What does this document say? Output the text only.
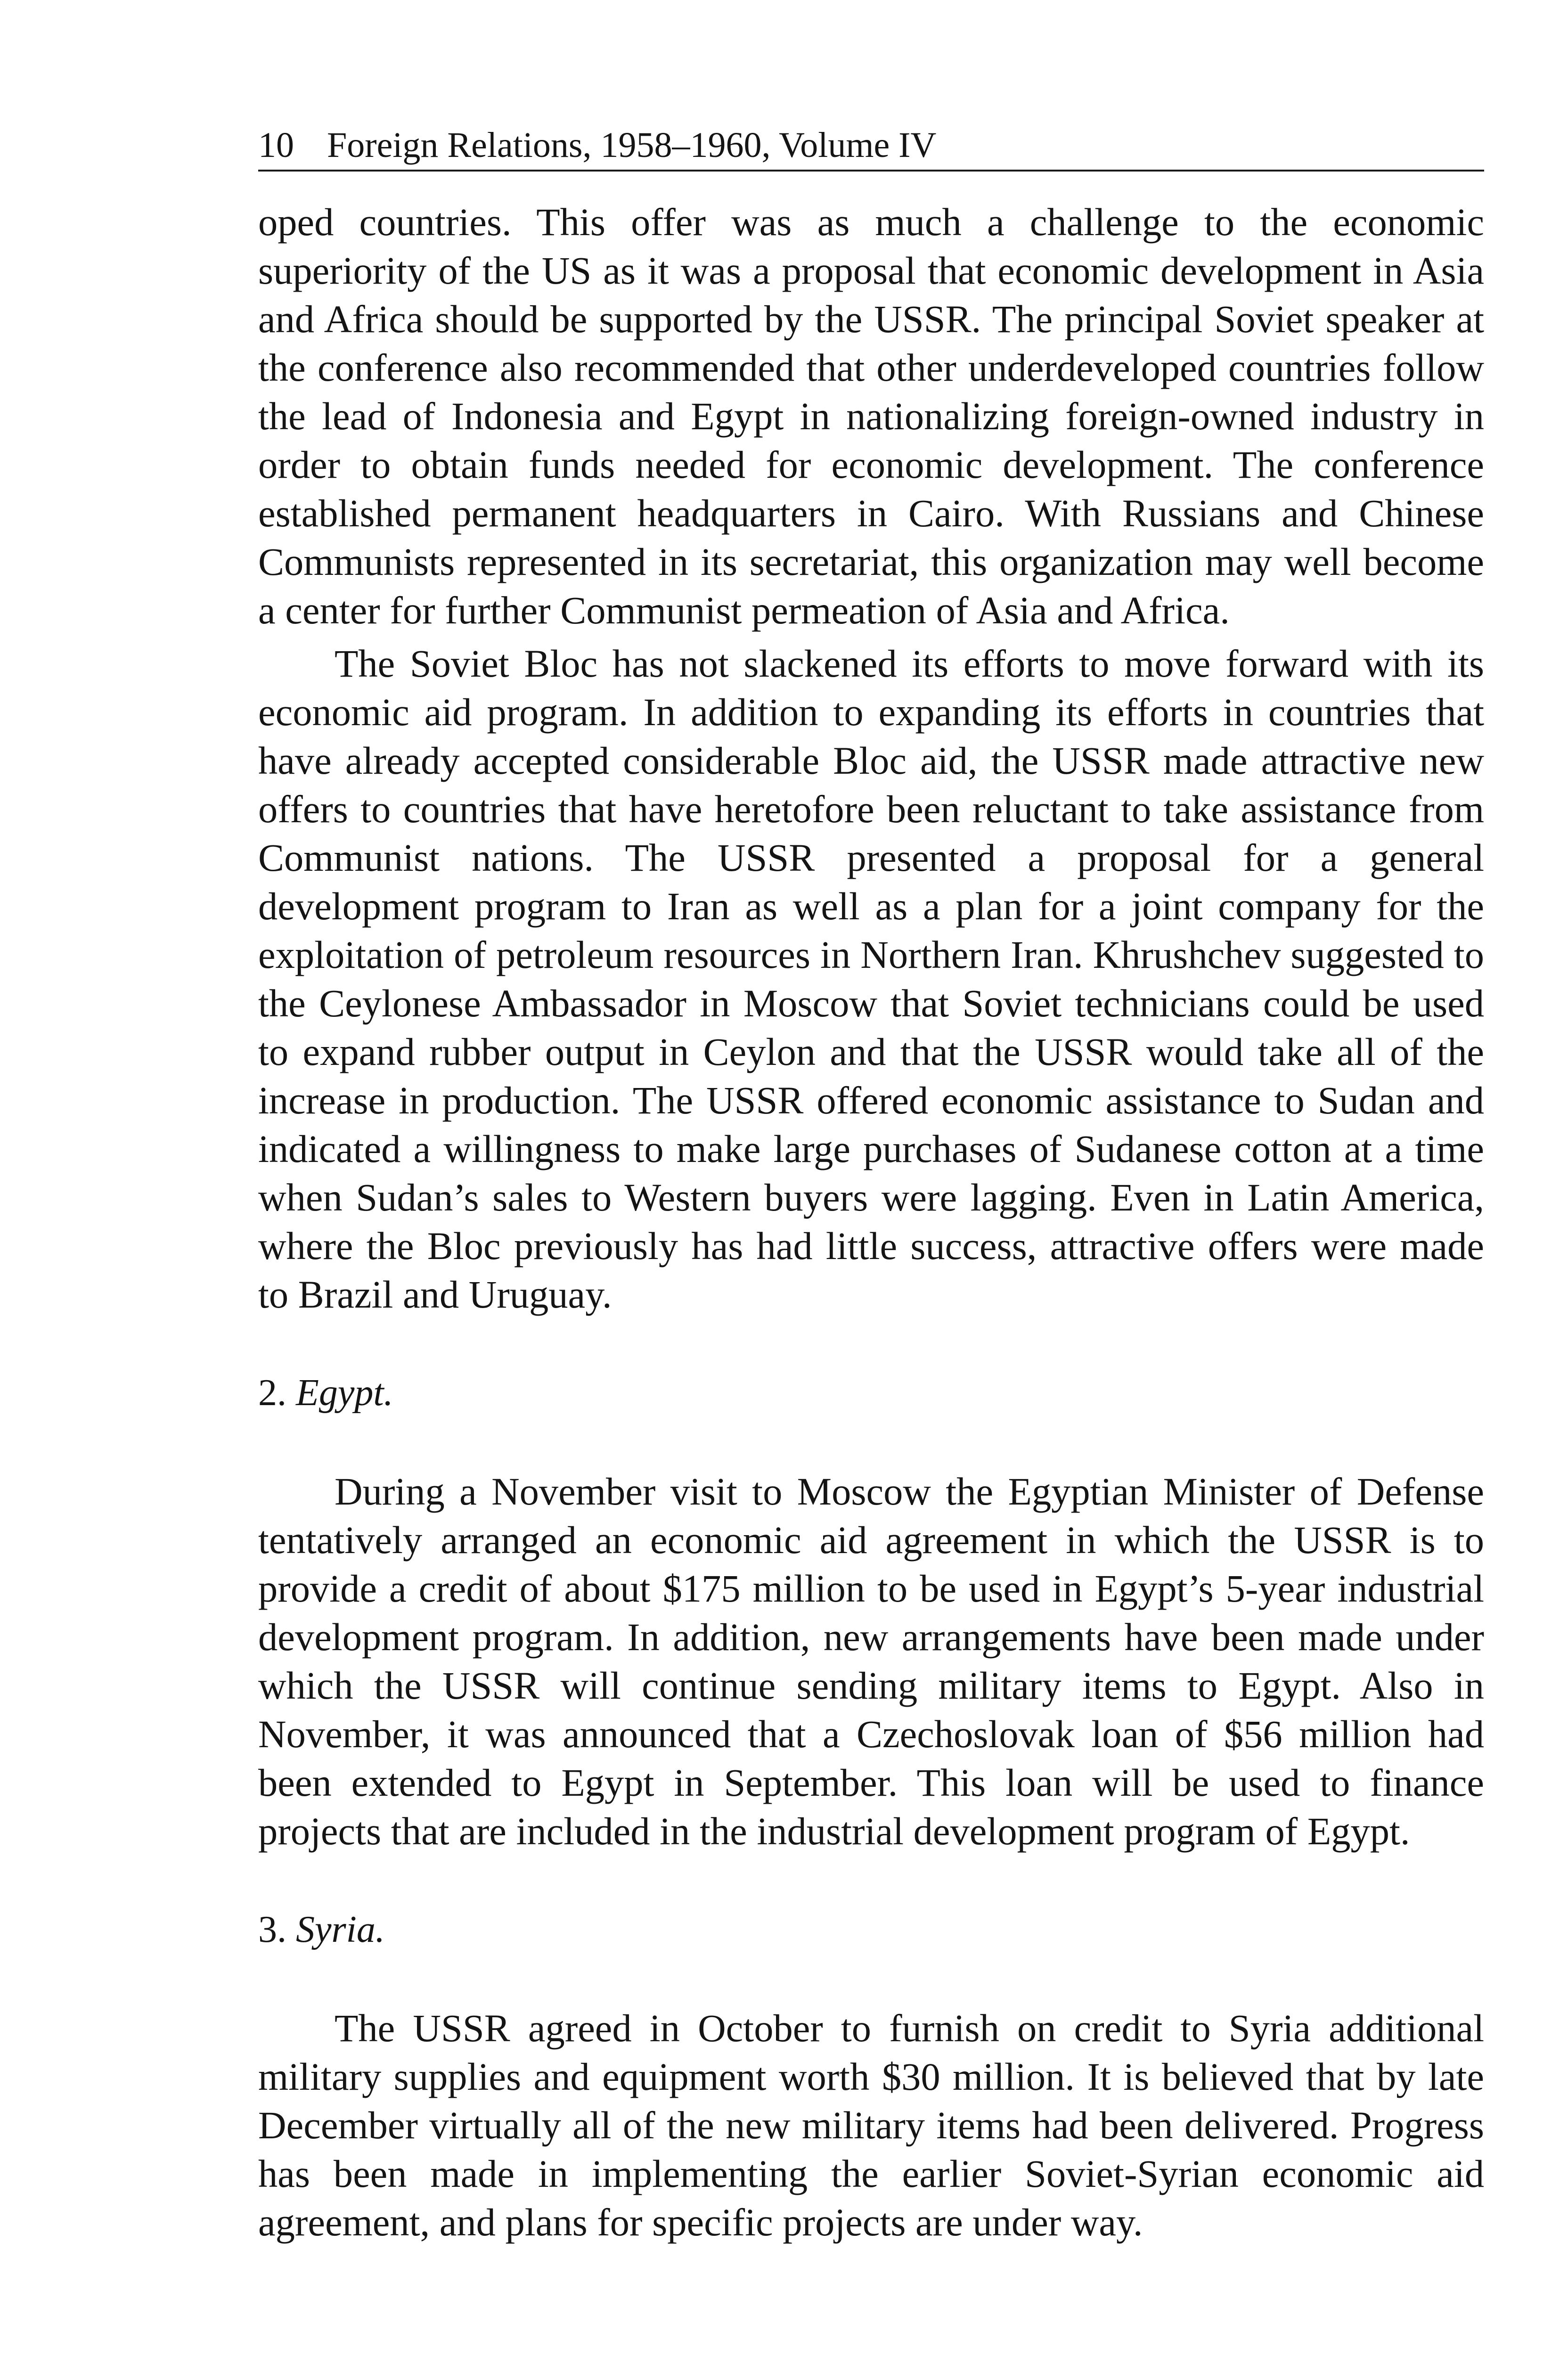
10 Foreign Relations, 1958–1960, Volume IV

oped countries. This offer was as much a challenge to the economic superiority of the US as it was a proposal that economic development in Asia and Africa should be supported by the USSR. The principal Soviet speaker at the conference also recommended that other underdeveloped countries follow the lead of Indonesia and Egypt in nationalizing foreign-owned industry in order to obtain funds needed for economic development. The conference established permanent headquarters in Cairo. With Russians and Chinese Communists represented in its secretariat, this organization may well become a center for further Communist permeation of Asia and Africa.

The Soviet Bloc has not slackened its efforts to move forward with its economic aid program. In addition to expanding its efforts in countries that have already accepted considerable Bloc aid, the USSR made attractive new offers to countries that have heretofore been reluctant to take assistance from Communist nations. The USSR presented a proposal for a general development program to Iran as well as a plan for a joint company for the exploitation of petroleum resources in Northern Iran. Khrushchev suggested to the Ceylonese Ambassador in Moscow that Soviet technicians could be used to expand rubber output in Ceylon and that the USSR would take all of the increase in production. The USSR offered economic assistance to Sudan and indicated a willingness to make large purchases of Sudanese cotton at a time when Sudan’s sales to Western buyers were lagging. Even in Latin America, where the Bloc previously has had little success, attractive offers were made to Brazil and Uruguay.

2. Egypt.

During a November visit to Moscow the Egyptian Minister of Defense tentatively arranged an economic aid agreement in which the USSR is to provide a credit of about $175 million to be used in Egypt’s 5-year industrial development program. In addition, new arrangements have been made under which the USSR will continue sending military items to Egypt. Also in November, it was announced that a Czechoslovak loan of $56 million had been extended to Egypt in September. This loan will be used to finance projects that are included in the industrial development program of Egypt.

3. Syria.

The USSR agreed in October to furnish on credit to Syria additional military supplies and equipment worth $30 million. It is believed that by late December virtually all of the new military items had been delivered. Progress has been made in implementing the earlier Soviet-Syrian economic aid agreement, and plans for specific projects are under way.
